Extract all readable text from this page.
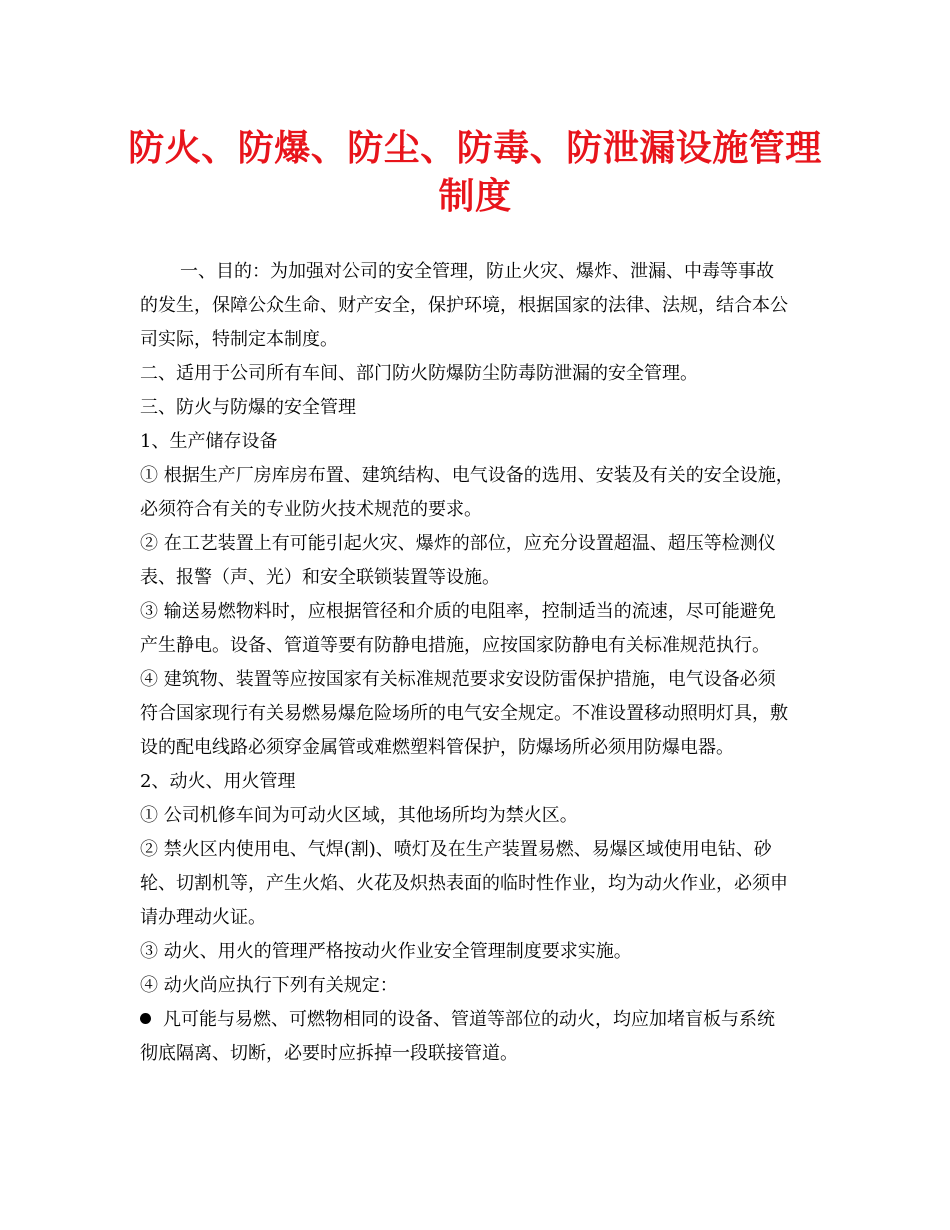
防火、防爆、防尘、防毒、防泄漏设施管理
制度
一、目的：为加强对公司的安全管理，防止火灾、爆炸、泄漏、中毒等事故
的发生，保障公众生命、财产安全，保护环境，根据国家的法律、法规，结合本公
司实际，特制定本制度。
二、适用于公司所有车间、部门防火防爆防尘防毒防泄漏的安全管理。
三、防火与防爆的安全管理
1、生产储存设备
① 根据生产厂房库房布置、建筑结构、电气设备的选用、安装及有关的安全设施，
必须符合有关的专业防火技术规范的要求。
② 在工艺装置上有可能引起火灾、爆炸的部位，应充分设置超温、超压等检测仪
表、报警（声、光）和安全联锁装置等设施。
③ 输送易燃物料时，应根据管径和介质的电阻率，控制适当的流速，尽可能避免
产生静电。设备、管道等要有防静电措施，应按国家防静电有关标准规范执行。
④ 建筑物、装置等应按国家有关标准规范要求安设防雷保护措施，电气设备必须
符合国家现行有关易燃易爆危险场所的电气安全规定。不准设置移动照明灯具，敷
设的配电线路必须穿金属管或难燃塑料管保护，防爆场所必须用防爆电器。
2、动火、用火管理
① 公司机修车间为可动火区域，其他场所均为禁火区。
② 禁火区内使用电、气焊(割)、喷灯及在生产装置易燃、易爆区域使用电钻、砂
轮、切割机等，产生火焰、火花及炽热表面的临时性作业，均为动火作业，必须申
请办理动火证。
③ 动火、用火的管理严格按动火作业安全管理制度要求实施。
④ 动火尚应执行下列有关规定：
凡可能与易燃、可燃物相同的设备、管道等部位的动火，均应加堵盲板与系统
彻底隔离、切断，必要时应拆掉一段联接管道。
